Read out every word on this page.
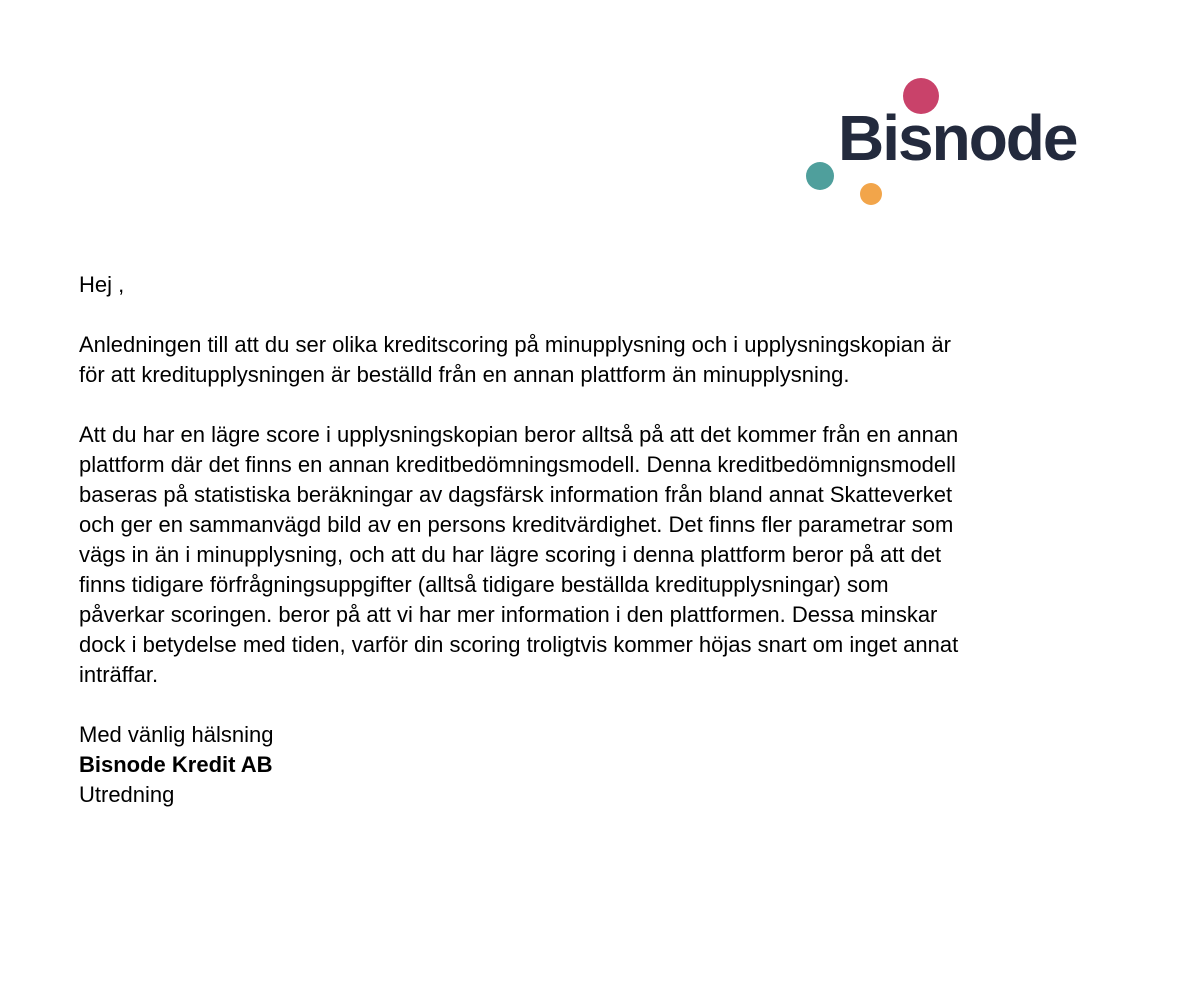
Bisnode

Hej ,

Anledningen till att du ser olika kreditscoring på minupplysning och i upplysningskopian är
för att kreditupplysningen är beställd från en annan plattform än minupplysning.

Att du har en lägre score i upplysningskopian beror alltså på att det kommer från en annan
plattform där det finns en annan kreditbedömningsmodell. Denna kreditbedömnignsmodell
baseras på statistiska beräkningar av dagsfärsk information från bland annat Skatteverket
och ger en sammanvägd bild av en persons kreditvärdighet. Det finns fler parametrar som
vägs in än i minupplysning, och att du har lägre scoring i denna plattform beror på att det
finns tidigare förfrågningsuppgifter (alltså tidigare beställda kreditupplysningar) som
påverkar scoringen. beror på att vi har mer information i den plattformen. Dessa minskar
dock i betydelse med tiden, varför din scoring troligtvis kommer höjas snart om inget annat
inträffar.

Med vänlig hälsning

Bisnode Kredit AB

Utredning
